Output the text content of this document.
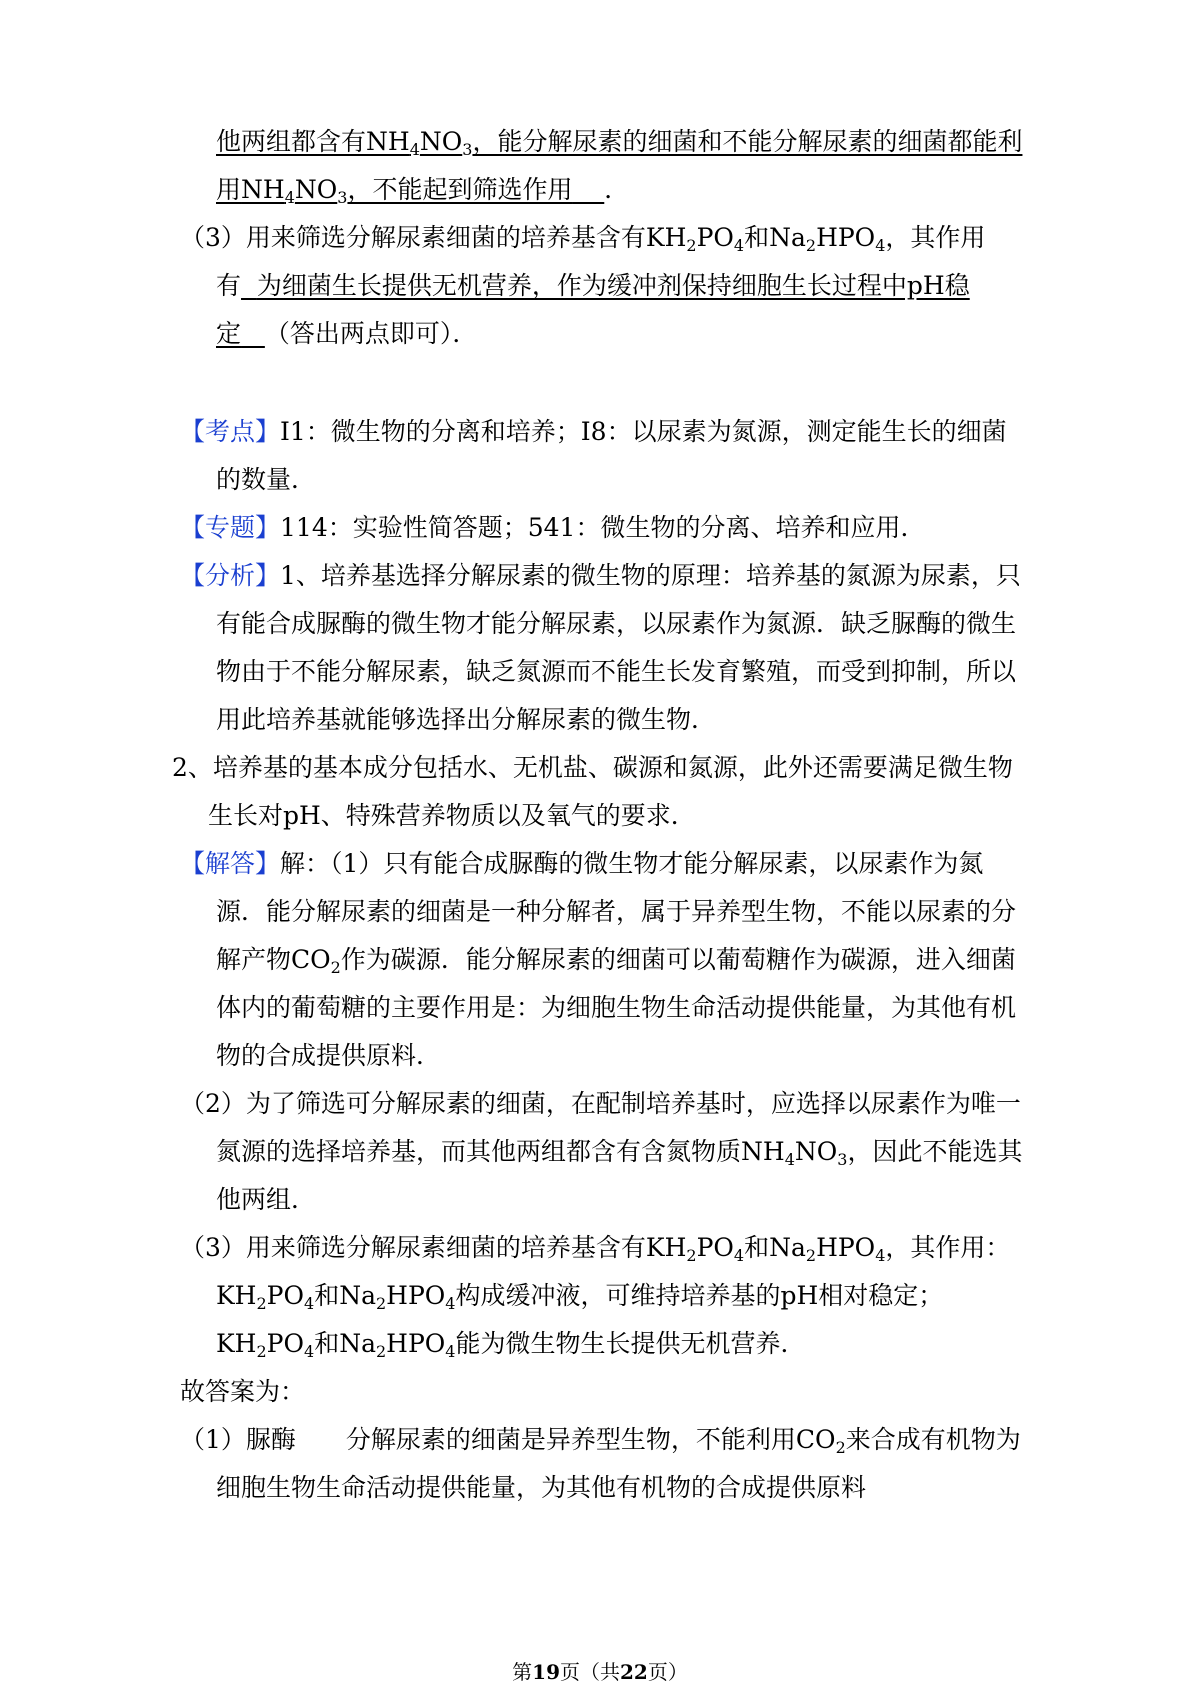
他两组都含有$NH_4NO_3$，能分解尿素的细菌和不能分解尿素的细菌都能利用$NH_4NO_3$，不能起到筛选作用 ．

（3）用来筛选分解尿素细菌的培养基含有$KH_2PO_4$和$Na_2HPO_4$，其作用有 为细菌生长提供无机营养，作为缓冲剂保持细胞生长过程中pH稳定 （答出两点即可）．

【考点】I1：微生物的分离和培养；I8：以尿素为氮源，测定能生长的细菌的数量．

【专题】114：实验性简答题；541：微生物的分离、培养和应用．

【分析】1、培养基选择分解尿素的微生物的原理：培养基的氮源为尿素，只有能合成脲酶的微生物才能分解尿素，以尿素作为氮源．缺乏脲酶的微生物由于不能分解尿素，缺乏氮源而不能生长发育繁殖，而受到抑制，所以用此培养基就能够选择出分解尿素的微生物．

2、培养基的基本成分包括水、无机盐、碳源和氮源，此外还需要满足微生物生长对pH、特殊营养物质以及氧气的要求．

【解答】解：（1）只有能合成脲酶的微生物才能分解尿素，以尿素作为氮源．能分解尿素的细菌是一种分解者，属于异养型生物，不能以尿素的分解产物$CO_2$作为碳源．能分解尿素的细菌可以葡萄糖作为碳源，进入细菌体内的葡萄糖的主要作用是：为细胞生物生命活动提供能量，为其他有机物的合成提供原料．

（2）为了筛选可分解尿素的细菌，在配制培养基时，应选择以尿素作为唯一氮源的选择培养基，而其他两组都含有含氮物质$NH_4NO_3$，因此不能选其他两组．

（3）用来筛选分解尿素细菌的培养基含有$KH_2PO_4$和$Na_2HPO_4$，其作用：$KH_2PO_4$和$Na_2HPO_4$构成缓冲液，可维持培养基的pH相对稳定；$KH_2PO_4$和$Na_2HPO_4$能为微生物生长提供无机营养．

故答案为：

（1）脲酶　　 分解尿素的细菌是异养型生物，不能利用$CO_2$来合成有机物为细胞生物生命活动提供能量，为其他有机物的合成提供原料

第19页（共22页）
